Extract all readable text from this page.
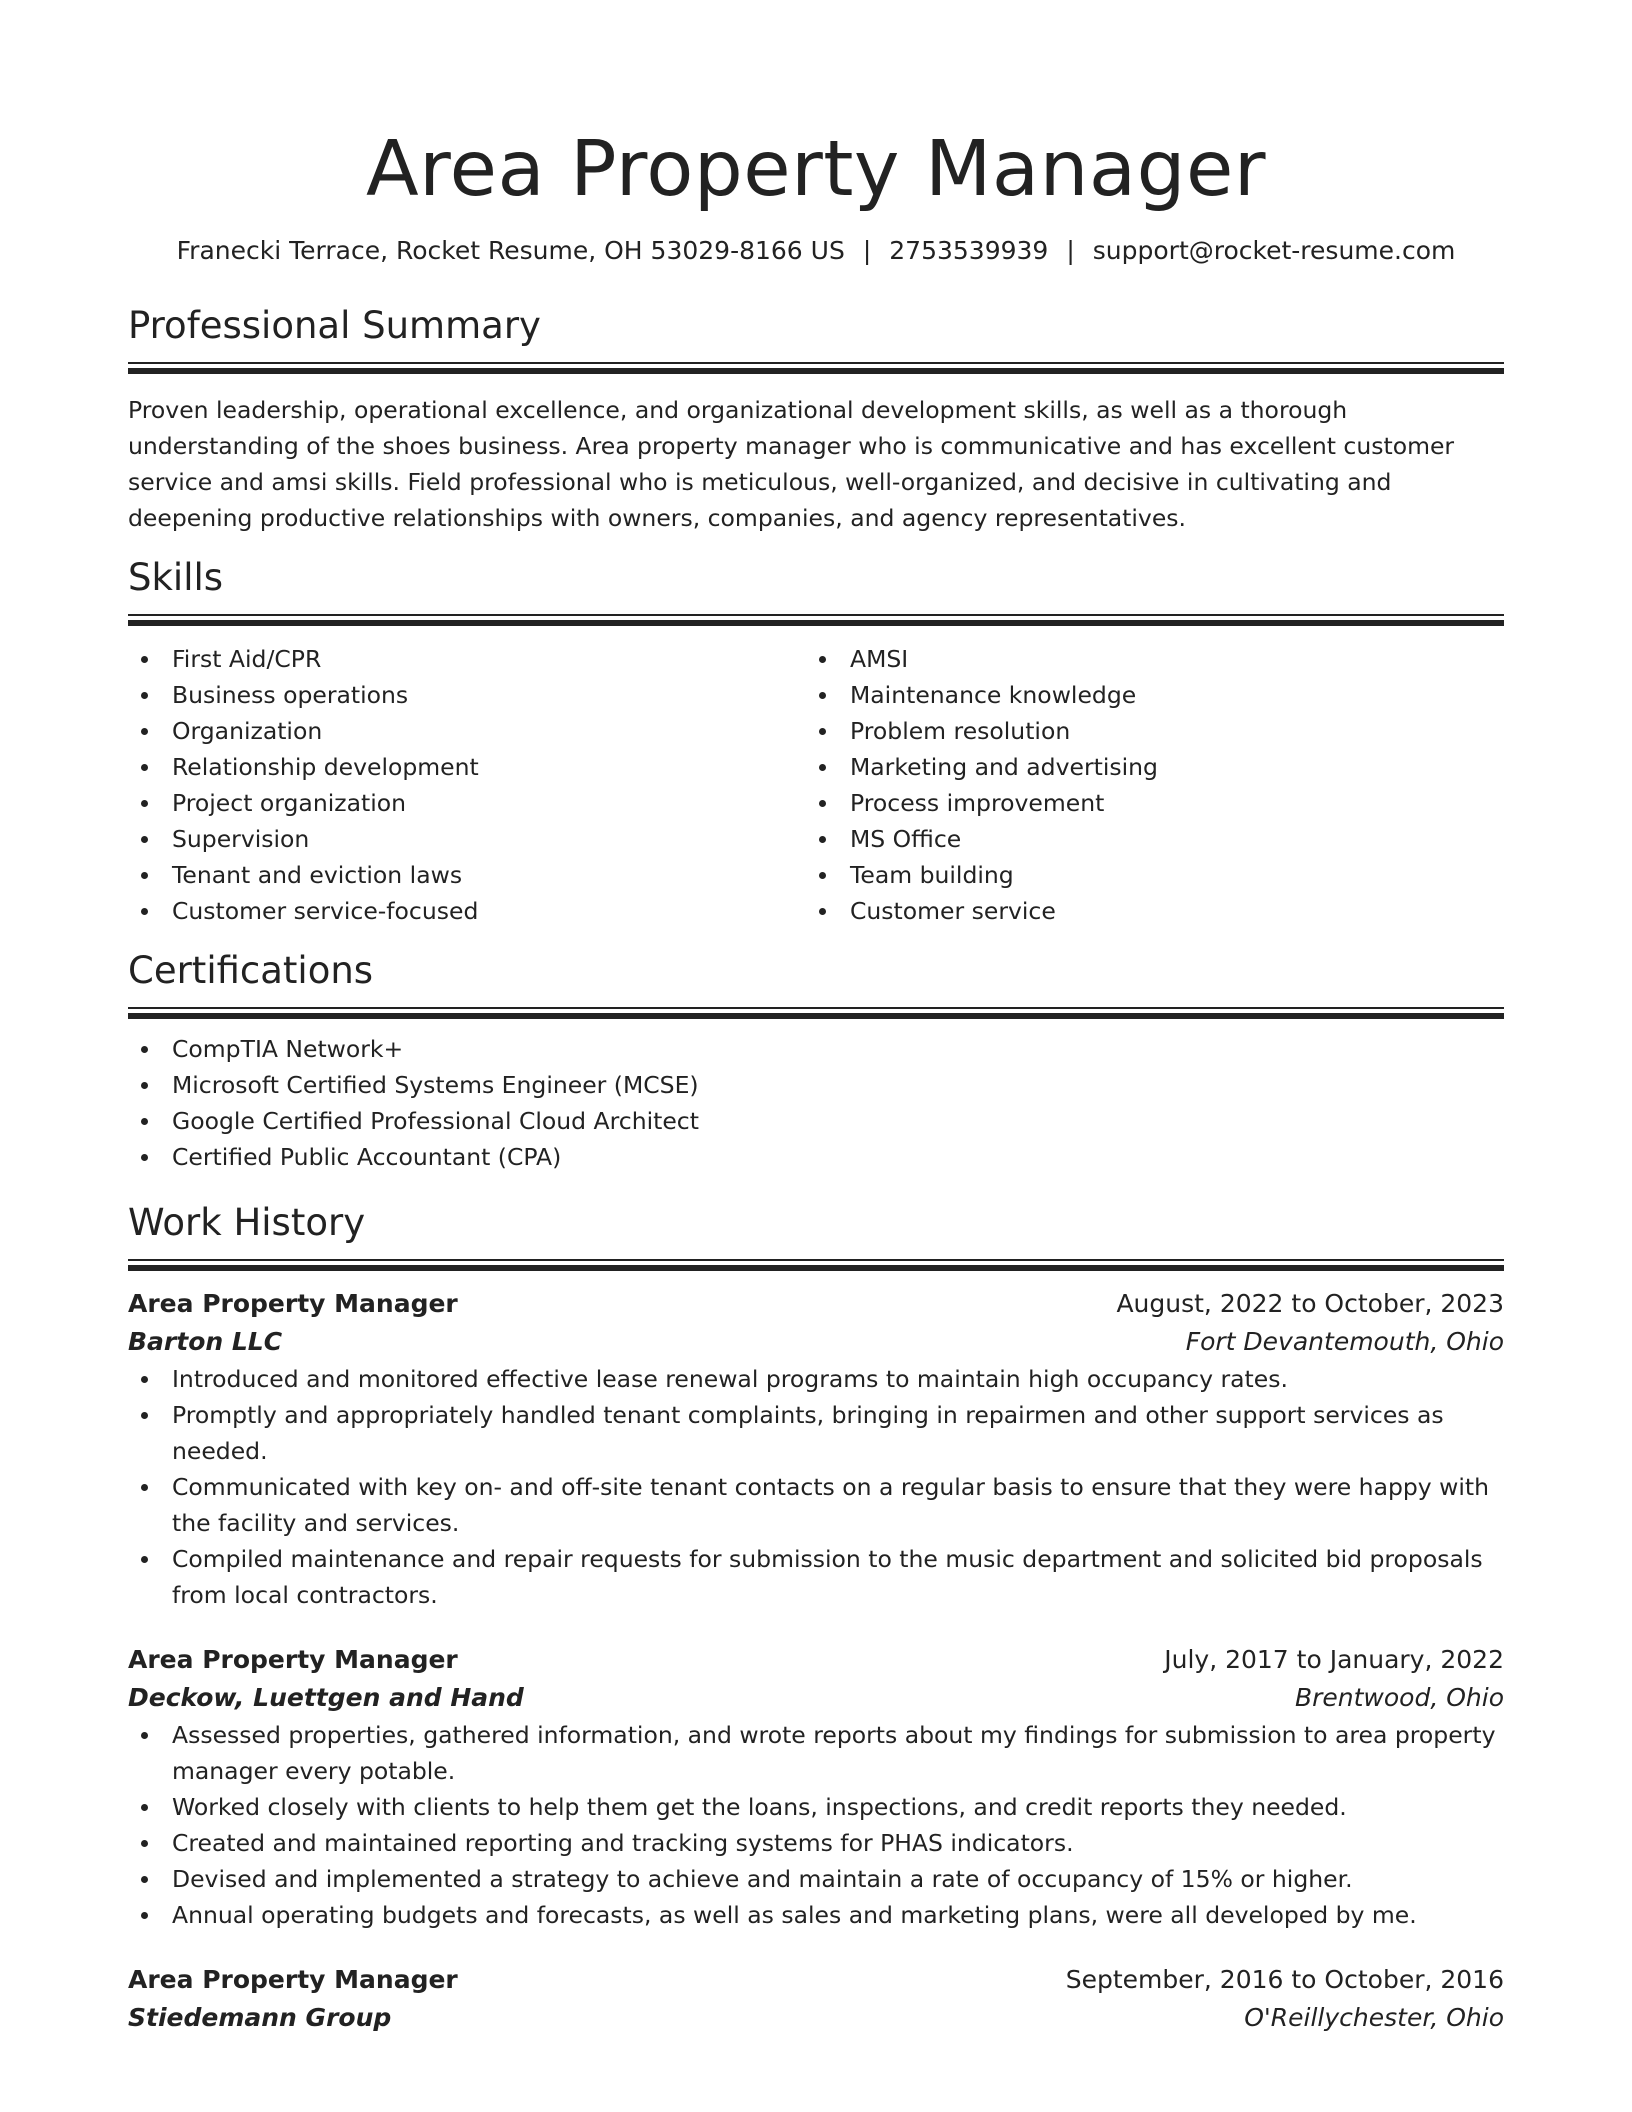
Area Property Manager
Franecki Terrace, Rocket Resume, OH 53029-8166 US | 2753539939 | support@rocket-resume.com
Professional Summary
Proven leadership, operational excellence, and organizational development skills, as well as a thorough understanding of the shoes business. Area property manager who is communicative and has excellent customer service and amsi skills. Field professional who is meticulous, well-organized, and decisive in cultivating and deepening productive relationships with owners, companies, and agency representatives.
Skills
First Aid/CPR
Business operations
Organization
Relationship development
Project organization
Supervision
Tenant and eviction laws
Customer service-focused
AMSI
Maintenance knowledge
Problem resolution
Marketing and advertising
Process improvement
MS Office
Team building
Customer service
Certifications
CompTIA Network+
Microsoft Certified Systems Engineer (MCSE)
Google Certified Professional Cloud Architect
Certified Public Accountant (CPA)
Work History
Area Property Manager	August, 2022 to October, 2023
Barton LLC	Fort Devantemouth, Ohio
Introduced and monitored effective lease renewal programs to maintain high occupancy rates.
Promptly and appropriately handled tenant complaints, bringing in repairmen and other support services as needed.
Communicated with key on- and off-site tenant contacts on a regular basis to ensure that they were happy with the facility and services.
Compiled maintenance and repair requests for submission to the music department and solicited bid proposals from local contractors.
Area Property Manager	July, 2017 to January, 2022
Deckow, Luettgen and Hand	Brentwood, Ohio
Assessed properties, gathered information, and wrote reports about my findings for submission to area property manager every potable.
Worked closely with clients to help them get the loans, inspections, and credit reports they needed.
Created and maintained reporting and tracking systems for PHAS indicators.
Devised and implemented a strategy to achieve and maintain a rate of occupancy of 15% or higher.
Annual operating budgets and forecasts, as well as sales and marketing plans, were all developed by me.
Area Property Manager	September, 2016 to October, 2016
Stiedemann Group	O'Reillychester, Ohio
